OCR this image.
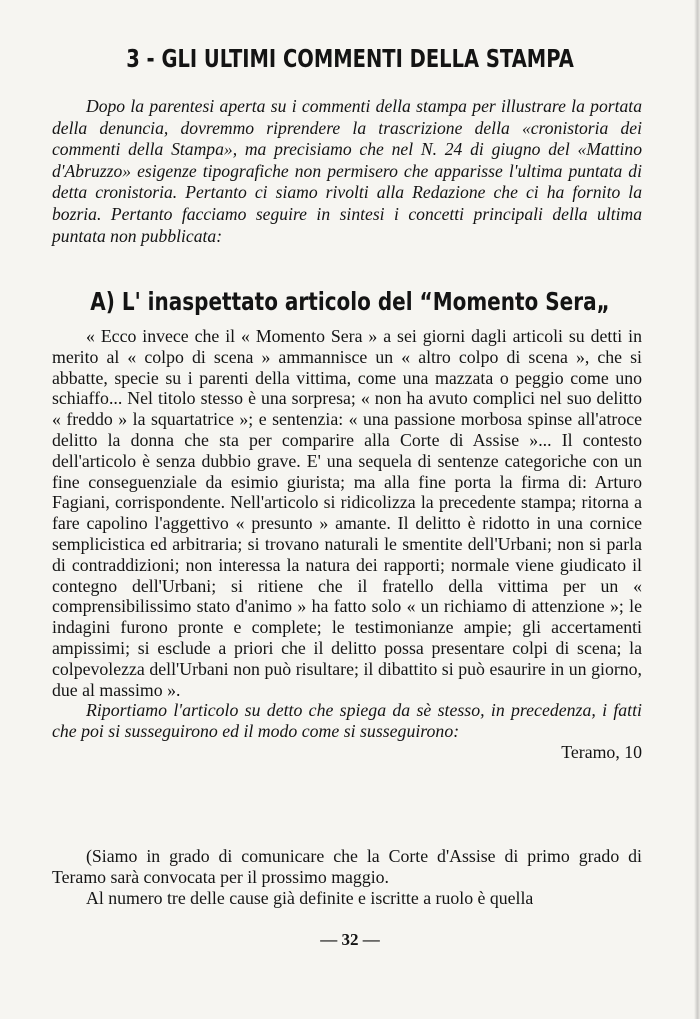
3 - GLI ULTIMI COMMENTI DELLA STAMPA

Dopo la parentesi aperta su i commenti della stampa per illustrare la portata della denuncia, dovremmo riprendere la trascrizione della «cronistoria dei commenti della Stampa», ma precisiamo che nel N. 24 di giugno del «Mattino d'Abruzzo» esigenze tipografiche non permisero che apparisse l'ultima puntata di detta cronistoria. Pertanto ci siamo rivolti alla Redazione che ci ha fornito la bozria. Pertanto facciamo seguire in sintesi i concetti principali della ultima puntata non pubblicata:

A) L' inaspettato articolo del “Momento Sera„

« Ecco invece che il « Momento Sera » a sei giorni dagli articoli su detti in merito al « colpo di scena » ammannisce un « altro colpo di scena », che si abbatte, specie su i parenti della vittima, come una mazzata o peggio come uno schiaffo... Nel titolo stesso è una sorpresa; « non ha avuto complici nel suo delitto « freddo » la squartatrice »; e sentenzia: « una passione morbosa spinse all'atroce delitto la donna che sta per comparire alla Corte di Assise »... Il contesto dell'articolo è senza dubbio grave. E' una sequela di sentenze categoriche con un fine conseguenziale da esimio giurista; ma alla fine porta la firma di: Arturo Fagiani, corrispondente. Nell'articolo si ridicolizza la precedente stampa; ritorna a fare capolino l'aggettivo « presunto » amante. Il delitto è ridotto in una cornice semplicistica ed arbitraria; si trovano naturali le smentite dell'Urbani; non si parla di contraddizioni; non interessa la natura dei rapporti; normale viene giudicato il contegno dell'Urbani; si ritiene che il fratello della vittima per un « comprensibilissimo stato d'animo » ha fatto solo « un richiamo di attenzione »; le indagini furono pronte e complete; le testimonianze ampie; gli accertamenti ampissimi; si esclude a priori che il delitto possa presentare colpi di scena; la colpevolezza dell'Urbani non può risultare; il dibattito si può esaurire in un giorno, due al massimo ».

Riportiamo l'articolo su detto che spiega da sè stesso, in precedenza, i fatti che poi si susseguirono ed il modo come si susseguirono:

Teramo, 10

(Siamo in grado di comunicare che la Corte d'Assise di primo grado di Teramo sarà convocata per il prossimo maggio.

Al numero tre delle cause già definite e iscritte a ruolo è quella

— 32 —
